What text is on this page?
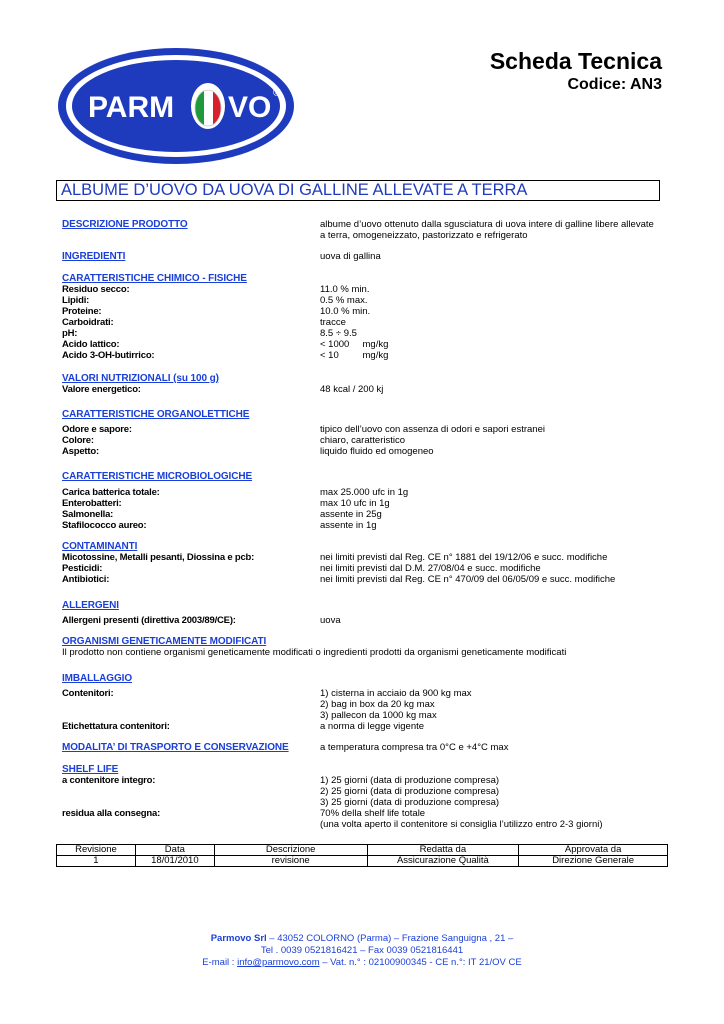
PARM VO ®
Scheda Tecnica
Codice: AN3
ALBUME D’UOVO DA UOVA DI GALLINE ALLEVATE A TERRA
DESCRIZIONE PRODOTTO	albume d’uovo ottenuto dalla sgusciatura di uova intere di galline libere allevate
a terra, omogeneizzato, pastorizzato e refrigerato
INGREDIENTI	uova di gallina
CARATTERISTICHE CHIMICO - FISICHE
Residuo secco:	11.0 % min.
Lipidi:	0.5 % max.
Proteine:	10.0 % min.
Carboidrati:	tracce
pH:	8.5 ÷ 9.5
Acido lattico:	< 1000     mg/kg
Acido 3-OH-butirrico:	< 10         mg/kg
VALORI NUTRIZIONALI (su 100 g)
Valore energetico:	48 kcal / 200 kj
CARATTERISTICHE ORGANOLETTICHE
Odore e sapore:	tipico dell’uovo con assenza di odori e sapori estranei
Colore:	chiaro, caratteristico
Aspetto:	liquido fluido ed omogeneo
CARATTERISTICHE MICROBIOLOGICHE
Carica batterica totale:	max 25.000 ufc in 1g
Enterobatteri:	max 10 ufc in 1g
Salmonella:	assente in 25g
Stafilococco aureo:	assente in 1g
CONTAMINANTI
Micotossine, Metalli pesanti, Diossina e pcb:	nei limiti previsti dal Reg. CE n° 1881 del 19/12/06 e succ. modifiche
Pesticidi:	nei limiti previsti dal D.M. 27/08/04 e succ. modifiche
Antibiotici:	nei limiti previsti dal Reg. CE n° 470/09 del 06/05/09 e succ. modifiche
ALLERGENI
Allergeni presenti (direttiva 2003/89/CE):	uova
ORGANISMI GENETICAMENTE MODIFICATI
Il prodotto non contiene organismi geneticamente modificati o ingredienti prodotti da organismi geneticamente modificati
IMBALLAGGIO
Contenitori:	1) cisterna in acciaio da 900 kg max
2) bag in box da 20 kg max
3) pallecon da 1000 kg max
Etichettatura contenitori:	a norma di legge vigente
MODALITA’ DI TRASPORTO E CONSERVAZIONE	a temperatura compresa tra 0°C e +4°C max
SHELF LIFE
a contenitore integro:	1) 25 giorni (data di produzione compresa)
2) 25 giorni (data di produzione compresa)
3) 25 giorni (data di produzione compresa)
residua alla consegna:	70% della shelf life totale
(una volta aperto il contenitore si consiglia l’utilizzo entro 2-3 giorni)
Revisione	Data	Descrizione	Redatta da	Approvata da
1	18/01/2010	revisione	Assicurazione Qualità	Direzione Generale
Parmovo Srl – 43052 COLORNO (Parma) – Frazione Sanguigna , 21 –
Tel . 0039 0521816421 – Fax 0039 0521816441
E-mail : info@parmovo.com – Vat. n.° : 02100900345 - CE n.°: IT 21/OV CE
